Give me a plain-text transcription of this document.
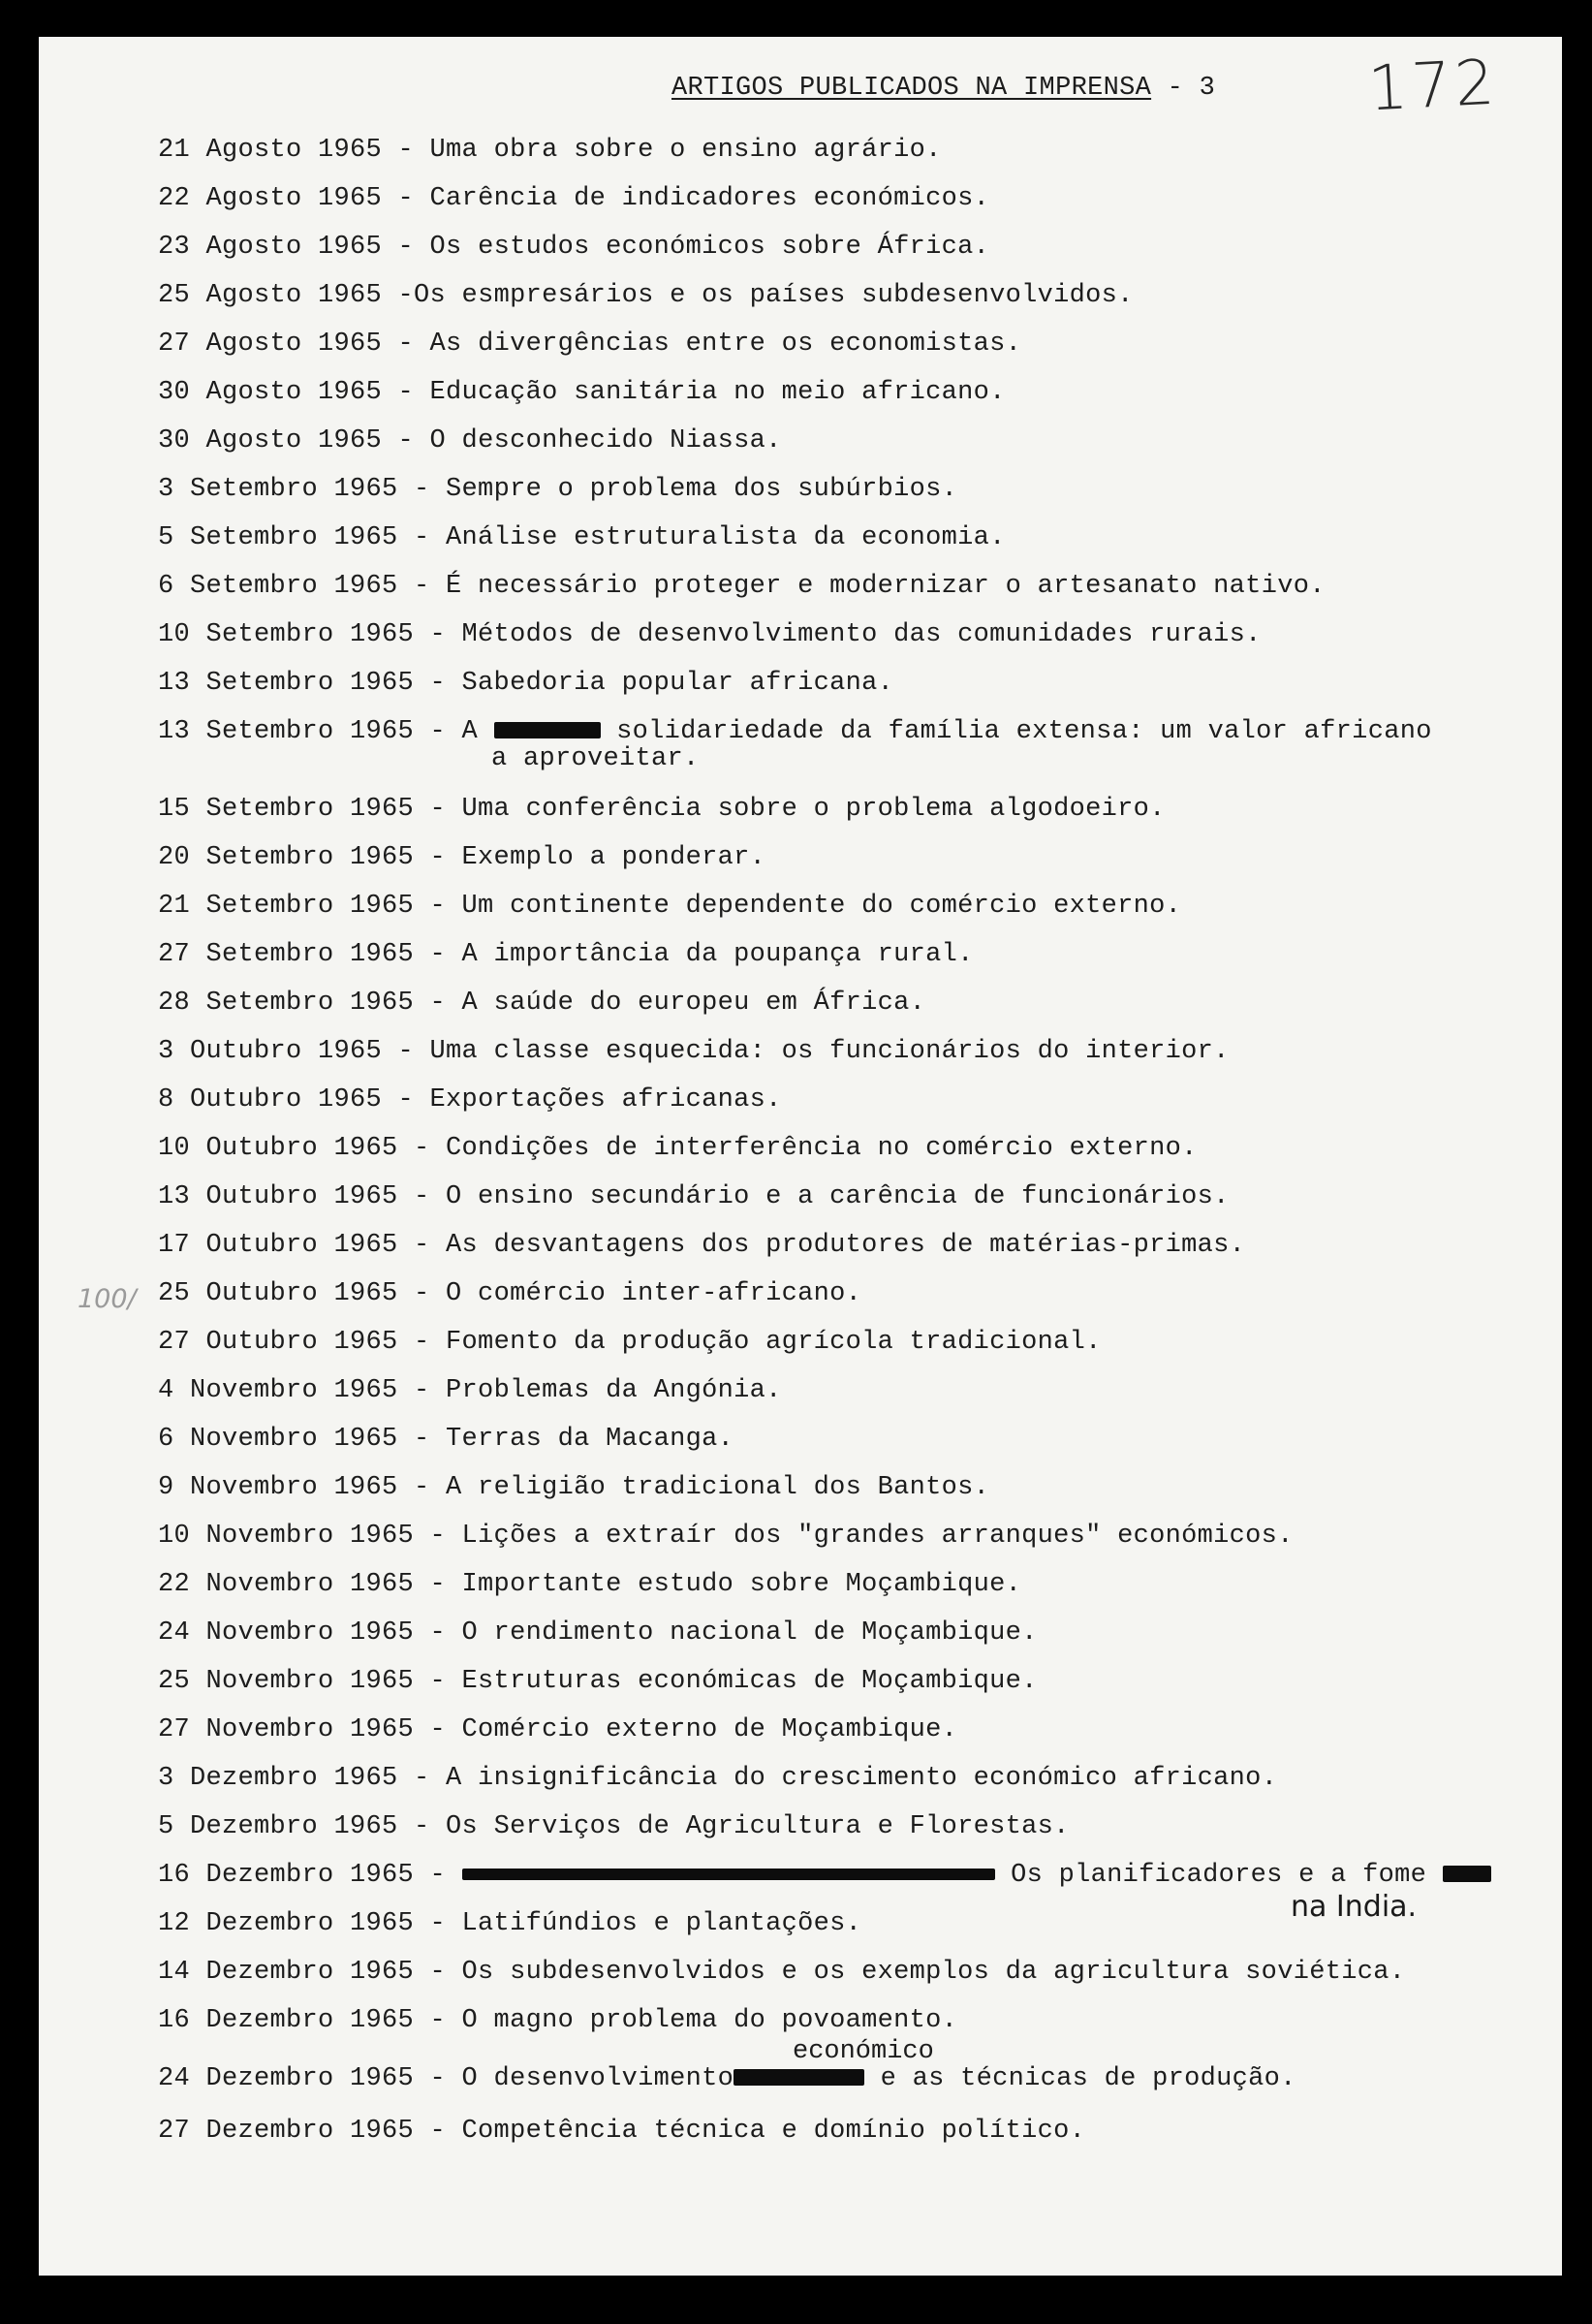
ARTIGOS PUBLICADOS NA IMPRENSA - 3 172
100/
21 Agosto 1965 - Uma obra sobre o ensino agrário.
22 Agosto 1965 - Carência de indicadores económicos.
23 Agosto 1965 - Os estudos económicos sobre África.
25 Agosto 1965 -Os esmpresários e os países subdesenvolvidos.
27 Agosto 1965 - As divergências entre os economistas.
30 Agosto 1965 - Educação sanitária no meio africano.
30 Agosto 1965 - O desconhecido Niassa.
3 Setembro 1965 - Sempre o problema dos subúrbios.
5 Setembro 1965 - Análise estruturalista da economia.
6 Setembro 1965 - É necessário proteger e modernizar o artesanato nativo.
10 Setembro 1965 - Métodos de desenvolvimento das comunidades rurais.
13 Setembro 1965 - Sabedoria popular africana.
13 Setembro 1965 - A	solidariedade da família extensa: um valor africano
a aproveitar.
15 Setembro 1965 - Uma conferência sobre o problema algodoeiro.
20 Setembro 1965 - Exemplo a ponderar.
21 Setembro 1965 - Um continente dependente do comércio externo.
27 Setembro 1965 - A importância da poupança rural.
28 Setembro 1965 - A saúde do europeu em África.
3 Outubro 1965 - Uma classe esquecida: os funcionários do interior.
8 Outubro 1965 - Exportações africanas.
10 Outubro 1965 - Condições de interferência no comércio externo.
13 Outubro 1965 - O ensino secundário e a carência de funcionários.
17 Outubro 1965 - As desvantagens dos produtores de matérias-primas.
25 Outubro 1965 - O comércio inter-africano.
27 Outubro 1965 - Fomento da produção agrícola tradicional.
4 Novembro 1965 - Problemas da Angónia.
6 Novembro 1965 - Terras da Macanga.
9 Novembro 1965 - A religião tradicional dos Bantos.
10 Novembro 1965 - Lições a extraír dos "grandes arranques" económicos.
22 Novembro 1965 - Importante estudo sobre Moçambique.
24 Novembro 1965 - O rendimento nacional de Moçambique.
25 Novembro 1965 - Estruturas económicas de Moçambique.
27 Novembro 1965 - Comércio externo de Moçambique.
3 Dezembro 1965 - A insignificância do crescimento económico africano.
5 Dezembro 1965 - Os Serviços de Agricultura e Florestas.
16 Dezembro 1965 -	Os planificadores e a fome
na India.
12 Dezembro 1965 - Latifúndios e plantações.
14 Dezembro 1965 - Os subdesenvolvidos e os exemplos da agricultura soviética.
16 Dezembro 1965 - O magno problema do povoamento.
económico
24 Dezembro 1965 - O desenvolvimento	e as técnicas de produção.
27 Dezembro 1965 - Competência técnica e domínio político.
